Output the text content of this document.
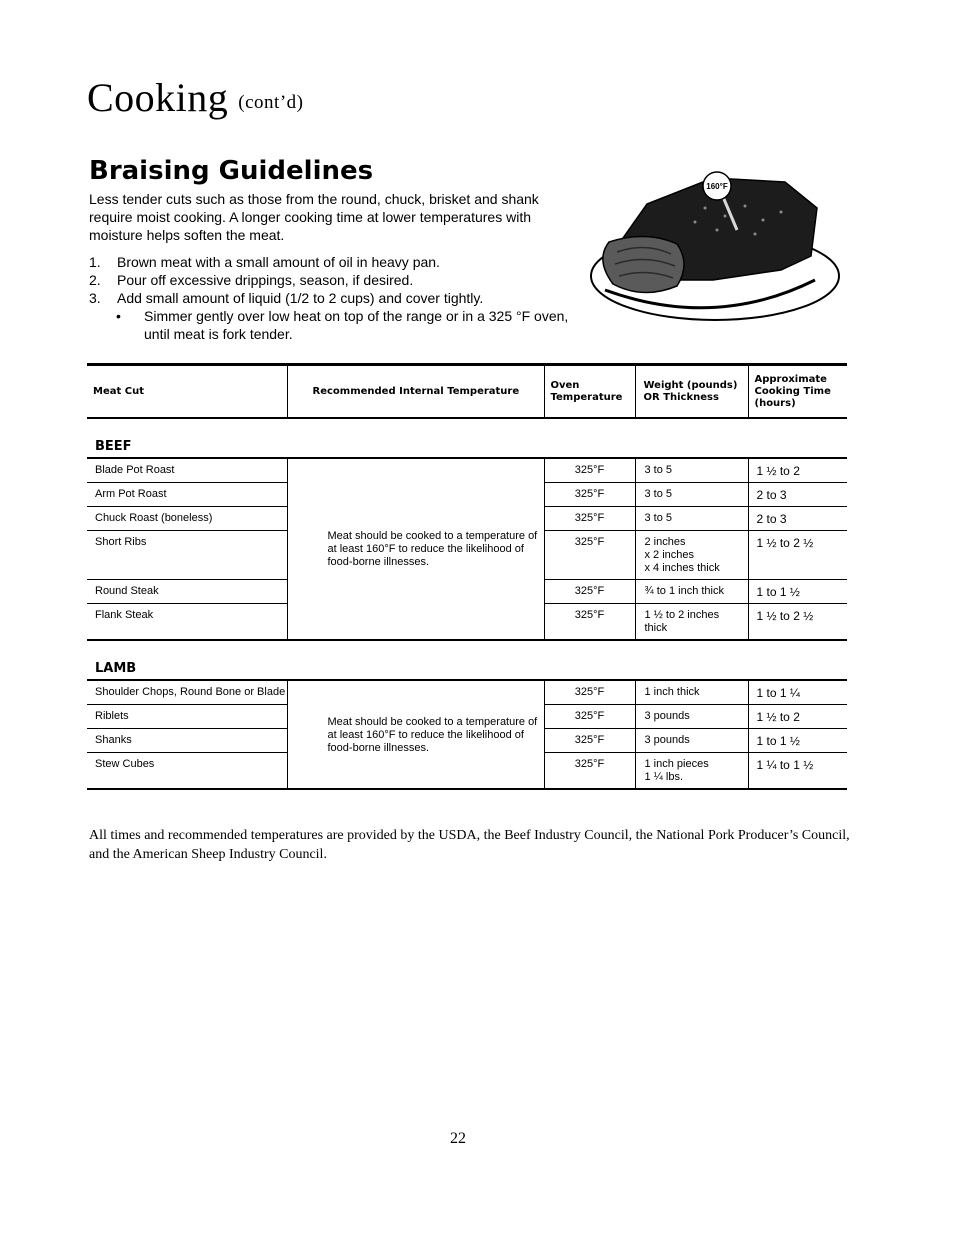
Cooking (cont’d)
Braising Guidelines

Less tender cuts such as those from the round, chuck, brisket and shank require moist cooking. A longer cooking time at lower temperatures with moisture helps soften the meat.

1. Brown meat with a small amount of oil in heavy pan.
2. Pour off excessive drippings, season, if desired.
3. Add small amount of liquid (1/2 to 2 cups) and cover tightly.
• Simmer gently over low heat on top of the range or in a 325 °F oven, until meat is fork tender.
160°F
Meat Cut	Recommended Internal Temperature	Oven Temperature	Weight (pounds) OR Thickness	Approximate Cooking Time (hours)
BEEF				
Blade Pot Roast	Meat should be cooked to a temperature of at least 160°F to reduce the likelihood of food-borne illnesses.	325°F	3 to 5	1 ½ to 2
Arm Pot Roast		325°F	3 to 5	2 to 3
Chuck Roast (boneless)		325°F	3 to 5	2 to 3
Short Ribs		325°F	2 inches
x 2 inches
x 4 inches thick	1 ½ to 2 ½
Round Steak		325°F	¾ to 1 inch thick	1 to 1 ½
Flank Steak		325°F	1 ½ to 2 inches
thick	1 ½ to 2 ½
LAMB				
Shoulder Chops, Round Bone or Blade	Meat should be cooked to a temperature of at least 160°F to reduce the likelihood of food-borne illnesses.	325°F	1 inch thick	1 to 1 ¼
Riblets		325°F	3 pounds	1 ½ to 2
Shanks		325°F	3 pounds	1 to 1 ½
Stew Cubes		325°F	1 inch pieces
1 ¼ lbs.	1 ¼ to 1 ½

All times and recommended temperatures are provided by the USDA, the Beef Industry Council, the National Pork Producer’s Council, and the American Sheep Industry Council.

22
